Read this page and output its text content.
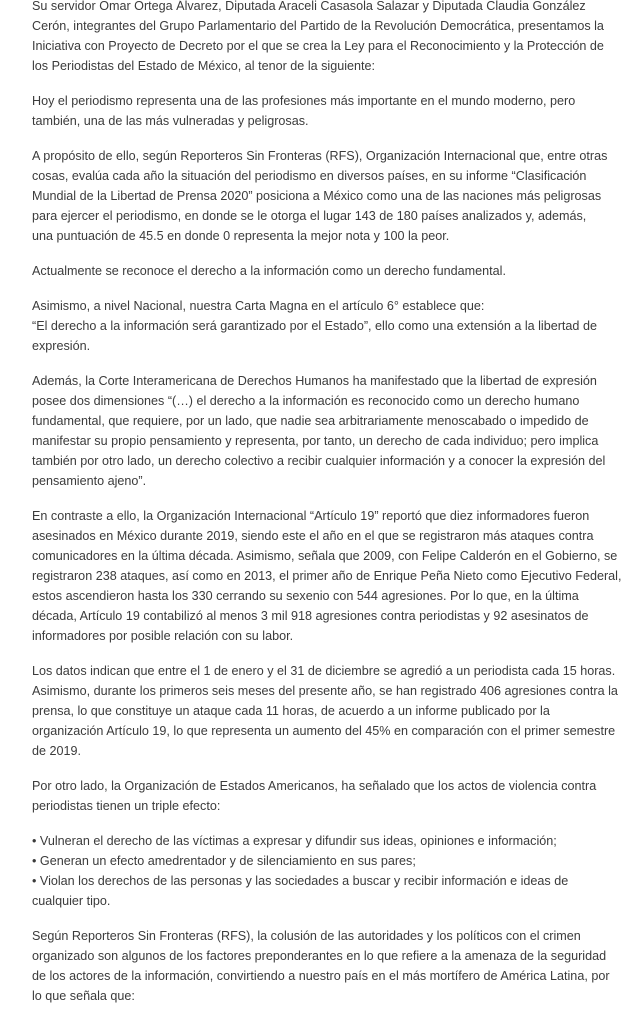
Su servidor Omar Ortega Álvarez, Diputada Araceli Casasola Salazar y Diputada Claudia González
Cerón, integrantes del Grupo Parlamentario del Partido de la Revolución Democrática, presentamos la
Iniciativa con Proyecto de Decreto por el que se crea la Ley para el Reconocimiento y la Protección de
los Periodistas del Estado de México, al tenor de la siguiente:

Hoy el periodismo representa una de las profesiones más importante en el mundo moderno, pero
también, una de las más vulneradas y peligrosas.

A propósito de ello, según Reporteros Sin Fronteras (RFS), Organización Internacional que, entre otras
cosas, evalúa cada año la situación del periodismo en diversos países, en su informe “Clasificación
Mundial de la Libertad de Prensa 2020” posiciona a México como una de las naciones más peligrosas
para ejercer el periodismo, en donde se le otorga el lugar 143 de 180 países analizados y, además,
una puntuación de 45.5 en donde 0 representa la mejor nota y 100 la peor.

Actualmente se reconoce el derecho a la información como un derecho fundamental.

Asimismo, a nivel Nacional, nuestra Carta Magna en el artículo 6° establece que:
“El derecho a la información será garantizado por el Estado”, ello como una extensión a la libertad de
expresión.

Además, la Corte Interamericana de Derechos Humanos ha manifestado que la libertad de expresión
posee dos dimensiones “(…) el derecho a la información es reconocido como un derecho humano
fundamental, que requiere, por un lado, que nadie sea arbitrariamente menoscabado o impedido de
manifestar su propio pensamiento y representa, por tanto, un derecho de cada individuo; pero implica
también por otro lado, un derecho colectivo a recibir cualquier información y a conocer la expresión del
pensamiento ajeno”.

En contraste a ello, la Organización Internacional “Artículo 19” reportó que diez informadores fueron
asesinados en México durante 2019, siendo este el año en el que se registraron más ataques contra
comunicadores en la última década. Asimismo, señala que 2009, con Felipe Calderón en el Gobierno, se
registraron 238 ataques, así como en 2013, el primer año de Enrique Peña Nieto como Ejecutivo Federal,
estos ascendieron hasta los 330 cerrando su sexenio con 544 agresiones. Por lo que, en la última
década, Artículo 19 contabilizó al menos 3 mil 918 agresiones contra periodistas y 92 asesinatos de
informadores por posible relación con su labor.

Los datos indican que entre el 1 de enero y el 31 de diciembre se agredió a un periodista cada 15 horas.
Asimismo, durante los primeros seis meses del presente año, se han registrado 406 agresiones contra la
prensa, lo que constituye un ataque cada 11 horas, de acuerdo a un informe publicado por la
organización Artículo 19, lo que representa un aumento del 45% en comparación con el primer semestre
de 2019.

Por otro lado, la Organización de Estados Americanos, ha señalado que los actos de violencia contra
periodistas tienen un triple efecto:

• Vulneran el derecho de las víctimas a expresar y difundir sus ideas, opiniones e información;
• Generan un efecto amedrentador y de silenciamiento en sus pares;
• Violan los derechos de las personas y las sociedades a buscar y recibir información e ideas de
cualquier tipo.

Según Reporteros Sin Fronteras (RFS), la colusión de las autoridades y los políticos con el crimen
organizado son algunos de los factores preponderantes en lo que refiere a la amenaza de la seguridad
de los actores de la información, convirtiendo a nuestro país en el más mortífero de América Latina, por
lo que señala que:
